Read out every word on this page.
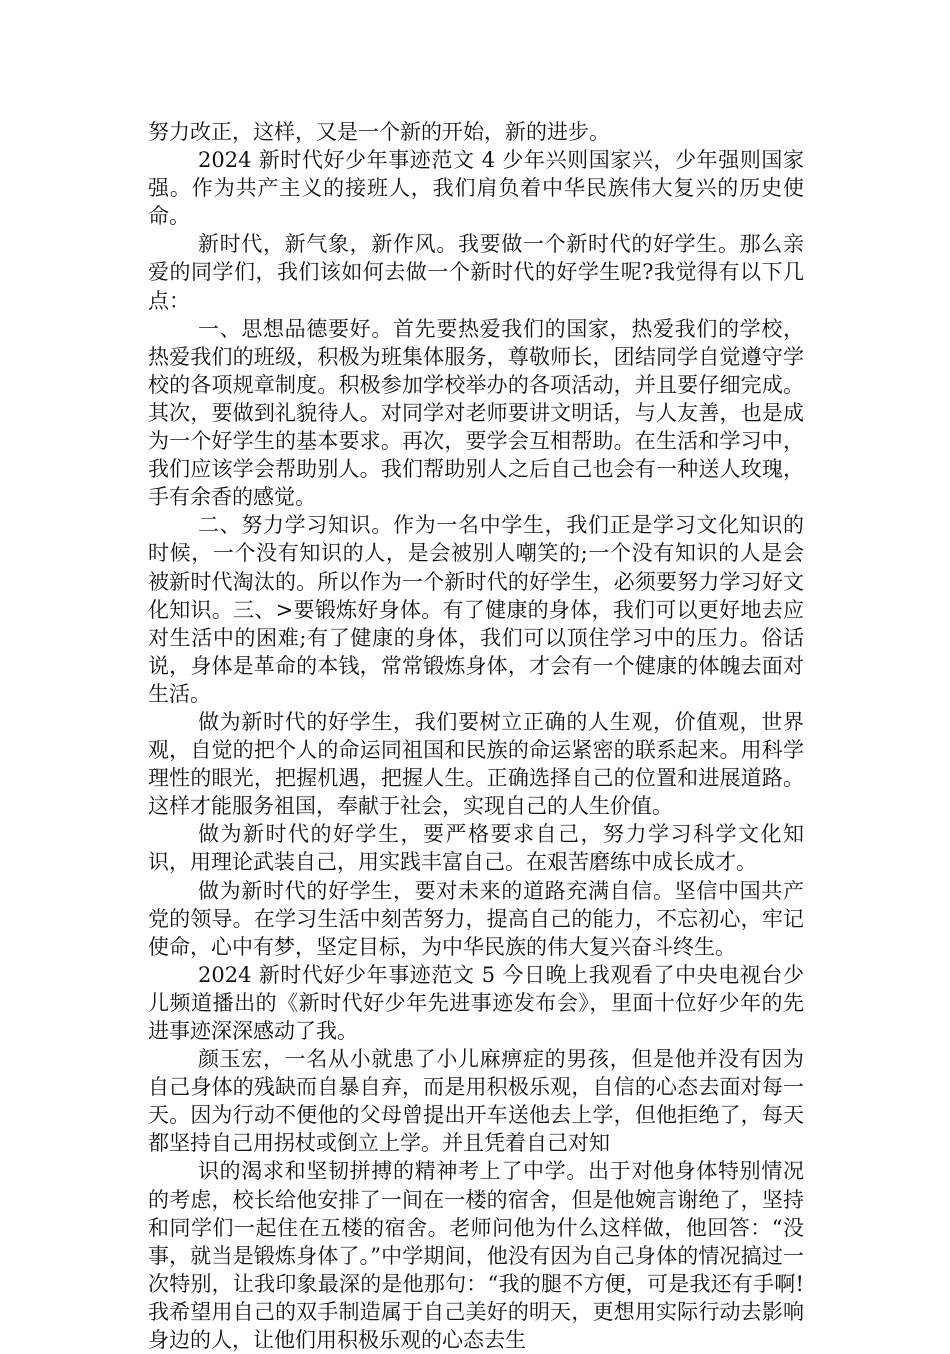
努力改正，这样，又是一个新的开始，新的进步。

2024 新时代好少年事迹范文 4 少年兴则国家兴，少年强则国家强。作为共产主义的接班人，我们肩负着中华民族伟大复兴的历史使命。

新时代，新气象，新作风。我要做一个新时代的好学生。那么亲爱的同学们，我们该如何去做一个新时代的好学生呢?我觉得有以下几点：

一、思想品德要好。首先要热爱我们的国家，热爱我们的学校，热爱我们的班级，积极为班集体服务，尊敬师长，团结同学自觉遵守学校的各项规章制度。积极参加学校举办的各项活动，并且要仔细完成。其次，要做到礼貌待人。对同学对老师要讲文明话，与人友善，也是成为一个好学生的基本要求。再次，要学会互相帮助。在生活和学习中，我们应该学会帮助别人。我们帮助别人之后自己也会有一种送人玫瑰，手有余香的感觉。

二、努力学习知识。作为一名中学生，我们正是学习文化知识的时候，一个没有知识的人，是会被别人嘲笑的;一个没有知识的人是会被新时代淘汰的。所以作为一个新时代的好学生，必须要努力学习好文化知识。三、>要锻炼好身体。有了健康的身体，我们可以更好地去应对生活中的困难;有了健康的身体，我们可以顶住学习中的压力。俗话说，身体是革命的本钱，常常锻炼身体，才会有一个健康的体魄去面对生活。

做为新时代的好学生，我们要树立正确的人生观，价值观，世界观，自觉的把个人的命运同祖国和民族的命运紧密的联系起来。用科学理性的眼光，把握机遇，把握人生。正确选择自己的位置和进展道路。这样才能服务祖国，奉献于社会，实现自己的人生价值。

做为新时代的好学生，要严格要求自己，努力学习科学文化知识，用理论武装自己，用实践丰富自己。在艰苦磨练中成长成才。

做为新时代的好学生，要对未来的道路充满自信。坚信中国共产党的领导。在学习生活中刻苦努力，提高自己的能力，不忘初心，牢记使命，心中有梦，坚定目标，为中华民族的伟大复兴奋斗终生。

2024 新时代好少年事迹范文 5 今日晚上我观看了中央电视台少儿频道播出的《新时代好少年先进事迹发布会》，里面十位好少年的先进事迹深深感动了我。

颜玉宏，一名从小就患了小儿麻痹症的男孩，但是他并没有因为自己身体的残缺而自暴自弃，而是用积极乐观，自信的心态去面对每一天。因为行动不便他的父母曾提出开车送他去上学，但他拒绝了，每天都坚持自己用拐杖或倒立上学。并且凭着自己对知

识的渴求和坚韧拼搏的精神考上了中学。出于对他身体特别情况的考虑，校长给他安排了一间在一楼的宿舍，但是他婉言谢绝了，坚持和同学们一起住在五楼的宿舍。老师问他为什么这样做，他回答：“没事，就当是锻炼身体了。”中学期间，他没有因为自己身体的情况搞过一次特别，让我印象最深的是他那句：“我的腿不方便，可是我还有手啊!我希望用自己的双手制造属于自己美好的明天，更想用实际行动去影响身边的人，让他们用积极乐观的心态去生
